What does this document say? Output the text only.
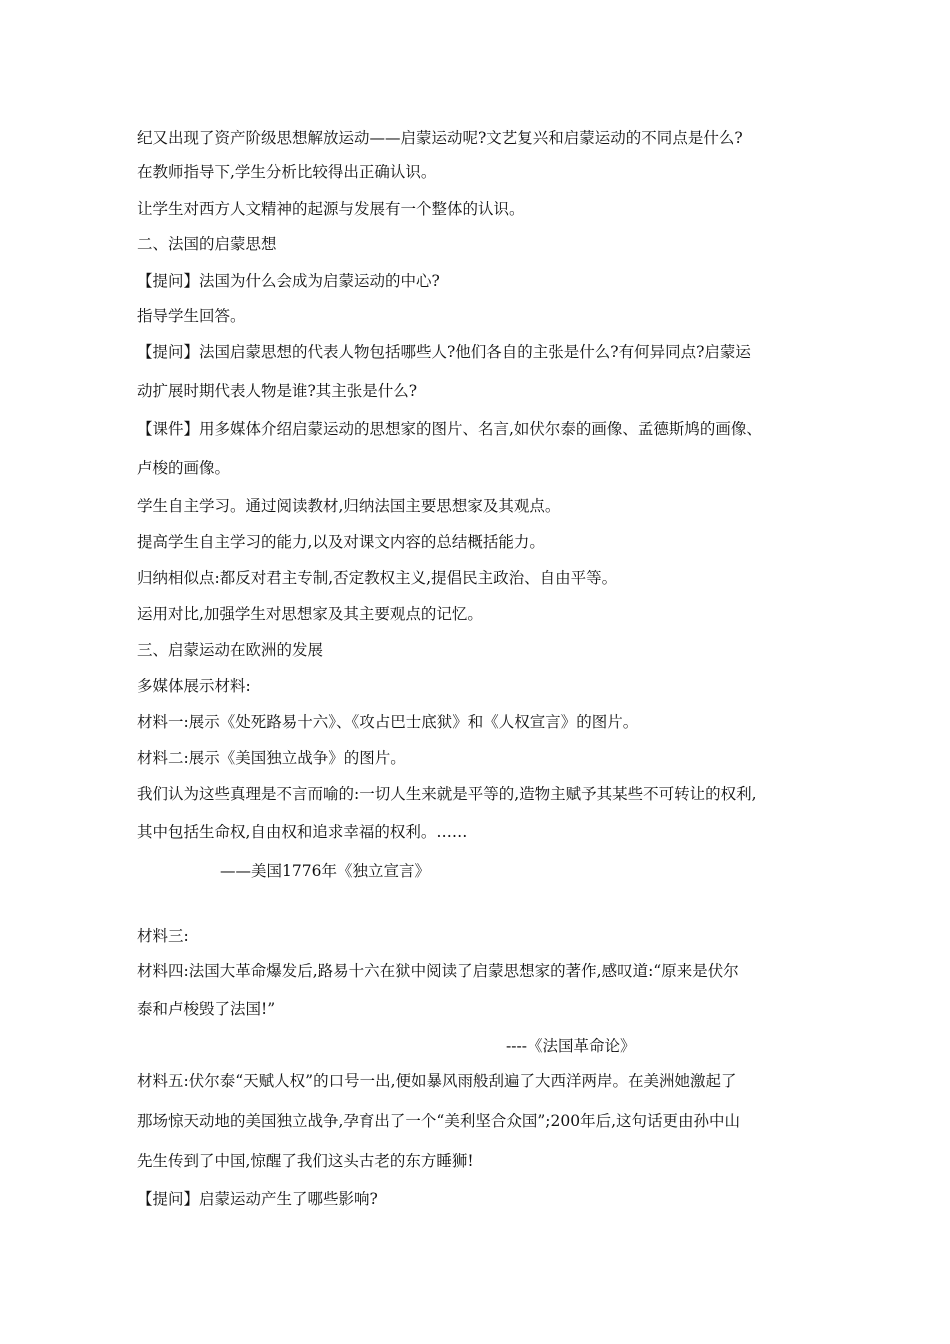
纪又出现了资产阶级思想解放运动——启蒙运动呢?文艺复兴和启蒙运动的不同点是什么?
在教师指导下,学生分析比较得出正确认识。
让学生对西方人文精神的起源与发展有一个整体的认识。
二、法国的启蒙思想
【提问】法国为什么会成为启蒙运动的中心?
指导学生回答。
【提问】法国启蒙思想的代表人物包括哪些人?他们各自的主张是什么?有何异同点?启蒙运
动扩展时期代表人物是谁?其主张是什么?
【课件】用多媒体介绍启蒙运动的思想家的图片、名言,如伏尔泰的画像、孟德斯鸠的画像、
卢梭的画像。
学生自主学习。通过阅读教材,归纳法国主要思想家及其观点。
提高学生自主学习的能力,以及对课文内容的总结概括能力。
归纳相似点:都反对君主专制,否定教权主义,提倡民主政治、自由平等。
运用对比,加强学生对思想家及其主要观点的记忆。
三、启蒙运动在欧洲的发展
多媒体展示材料:
材料一:展示《处死路易十六》、《攻占巴士底狱》和《人权宣言》的图片。
材料二:展示《美国独立战争》的图片。
我们认为这些真理是不言而喻的:一切人生来就是平等的,造物主赋予其某些不可转让的权利,
其中包括生命权,自由权和追求幸福的权利。……
——美国1776年《独立宣言》
材料三:
材料四:法国大革命爆发后,路易十六在狱中阅读了启蒙思想家的著作,感叹道:“原来是伏尔
泰和卢梭毁了法国!”
----《法国革命论》
材料五:伏尔泰“天赋人权”的口号一出,便如暴风雨般刮遍了大西洋两岸。在美洲她激起了
那场惊天动地的美国独立战争,孕育出了一个“美利坚合众国”;200年后,这句话更由孙中山
先生传到了中国,惊醒了我们这头古老的东方睡狮!
【提问】启蒙运动产生了哪些影响?
